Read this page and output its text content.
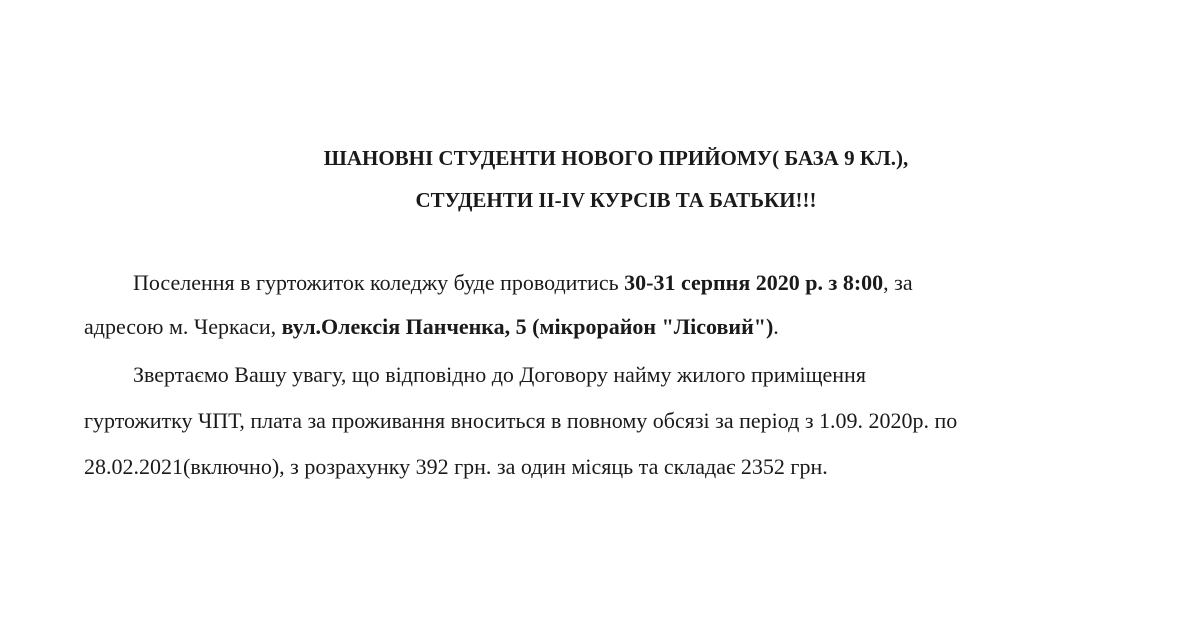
ШАНОВНІ СТУДЕНТИ НОВОГО ПРИЙОМУ( БАЗА 9 КЛ.),
СТУДЕНТИ ІІ-ІV КУРСІВ ТА БАТЬКИ!!!
Поселення в гуртожиток коледжу буде проводитись 30-31 серпня 2020 р. з 8:00, за
адресою м. Черкаси, вул.Олексія Панченка, 5 (мікрорайон "Лісовий").
Звертаємо Вашу увагу, що відповідно до Договору найму жилого приміщення
гуртожитку ЧПТ, плата за проживання вноситься в повному обсязі за період з 1.09. 2020р. по
28.02.2021(включно), з розрахунку 392 грн. за один місяць та складає 2352 грн.
